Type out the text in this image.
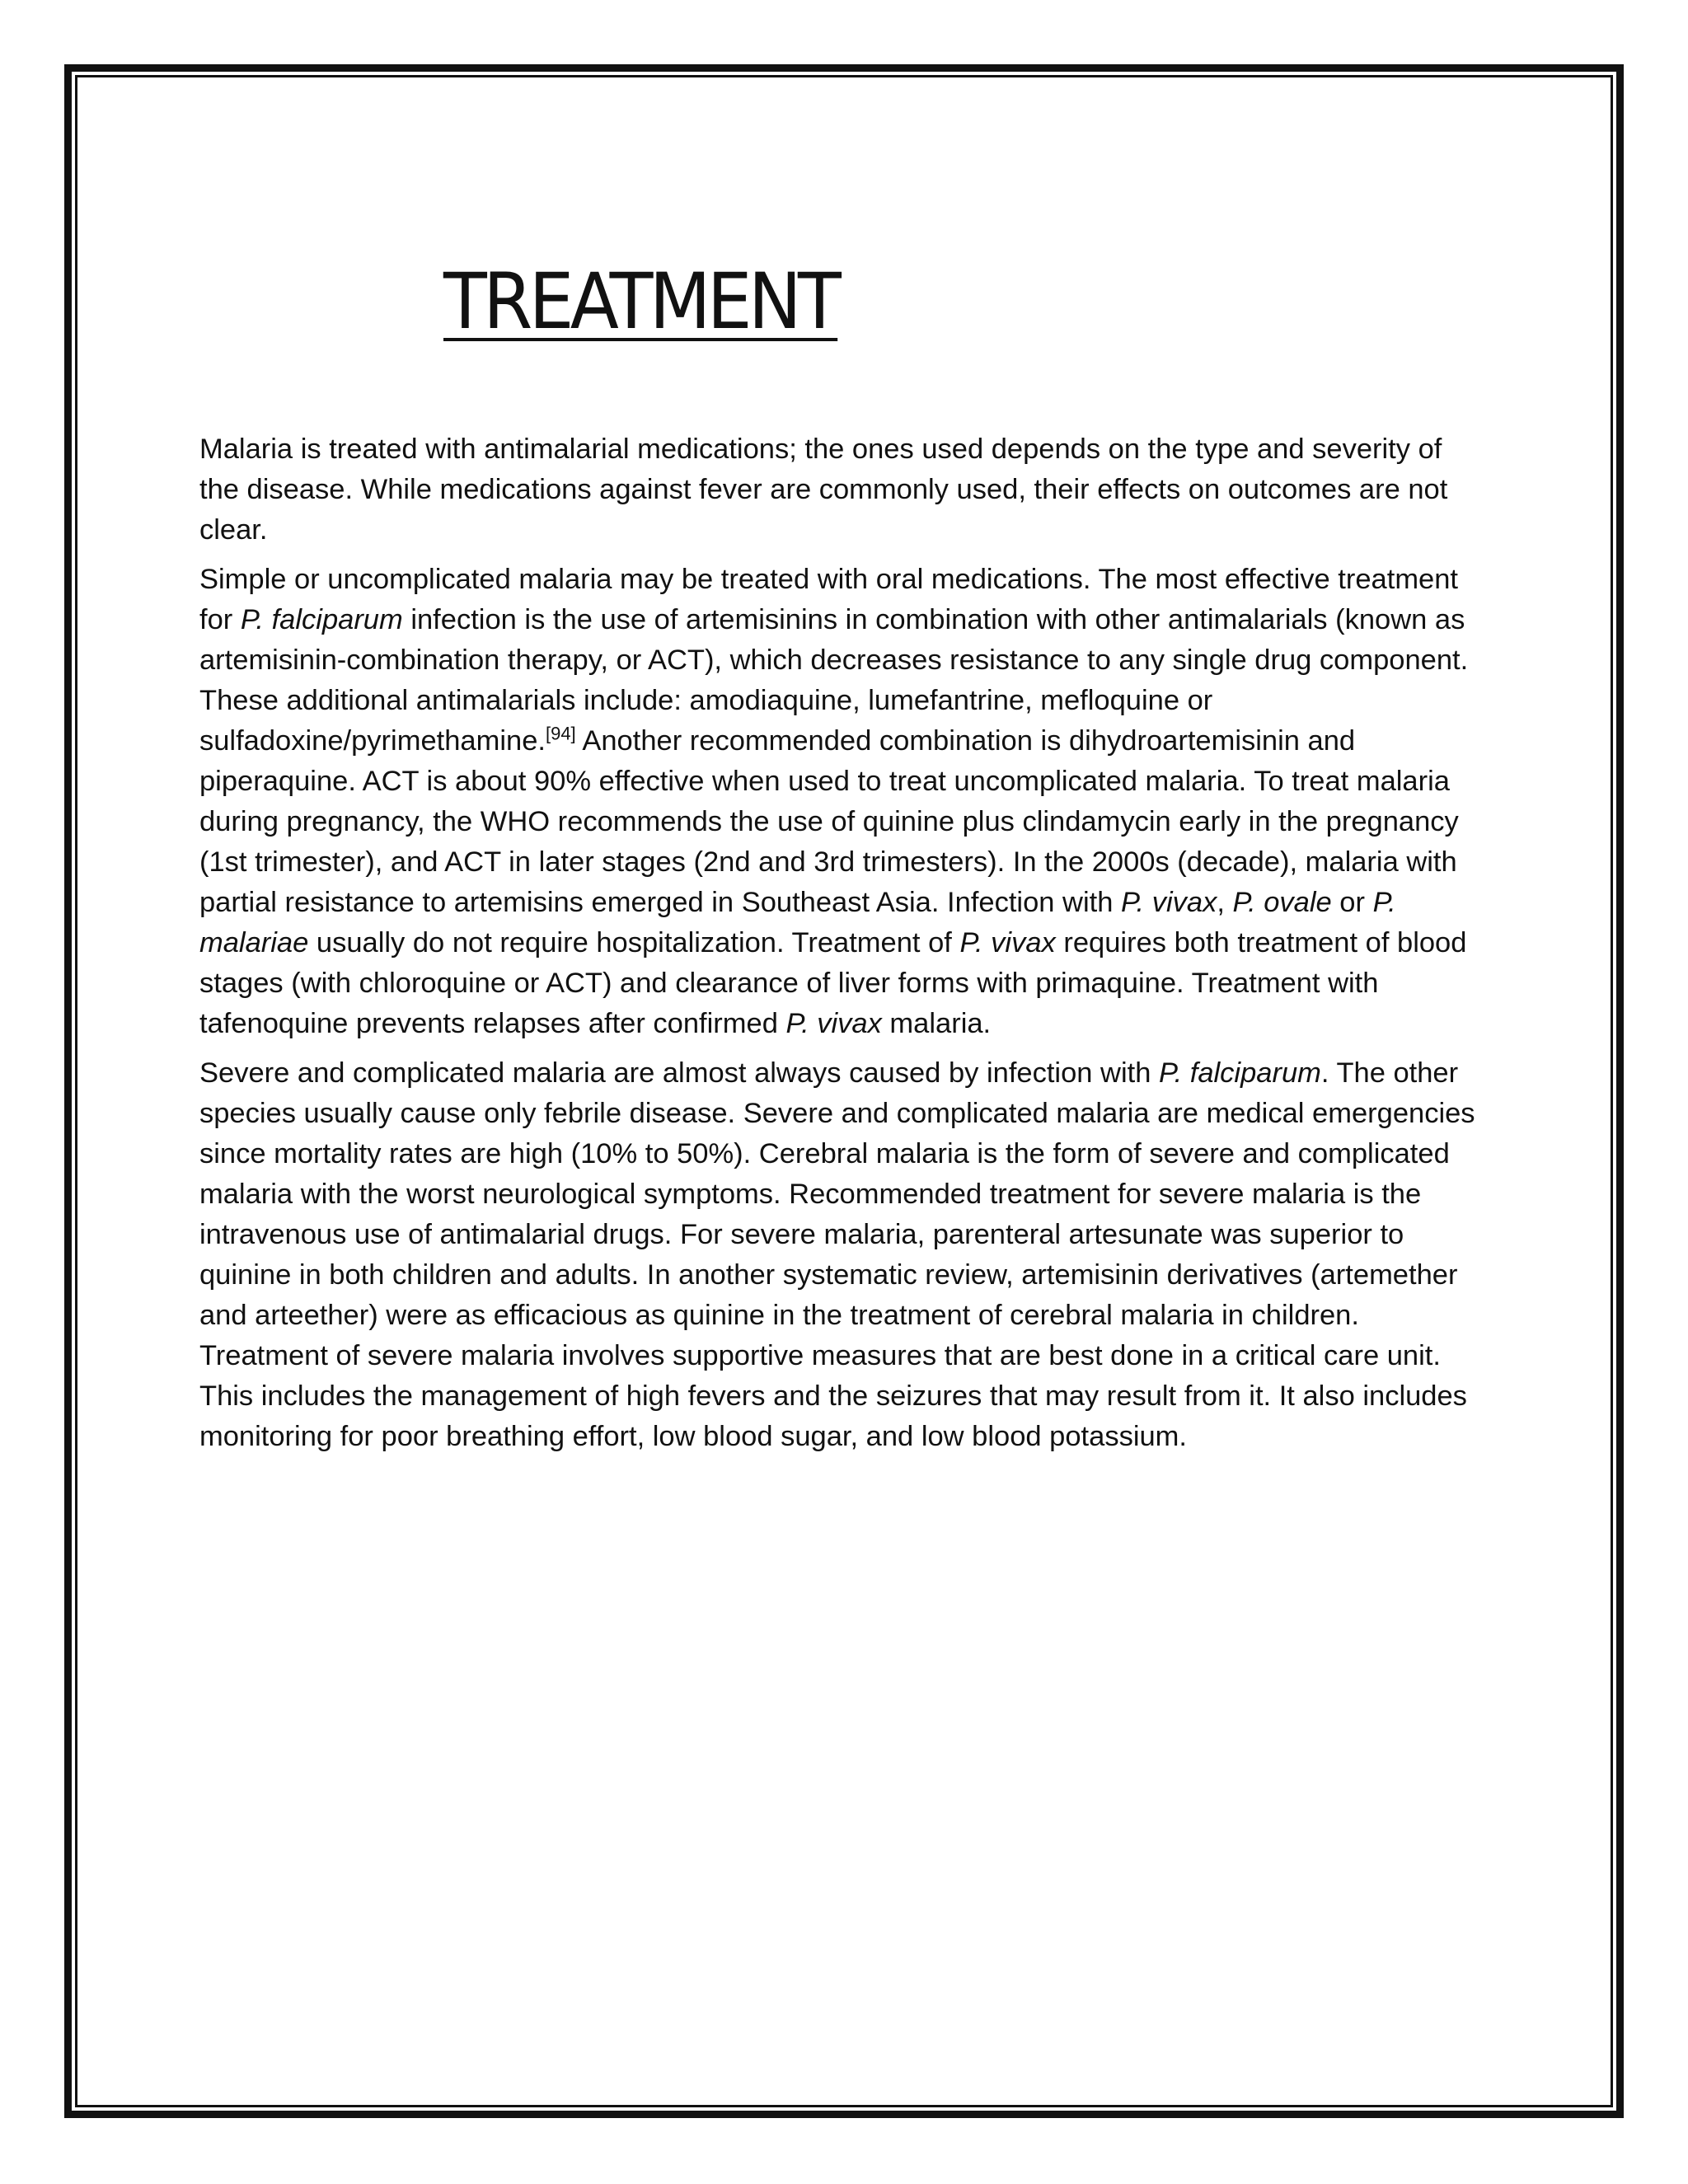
TREATMENT

Malaria is treated with antimalarial medications; the ones used depends on the type and severity of the disease. While medications against fever are commonly used, their effects on outcomes are not clear.

Simple or uncomplicated malaria may be treated with oral medications. The most effective treatment for P. falciparum infection is the use of artemisinins in combination with other antimalarials (known as artemisinin-combination therapy, or ACT), which decreases resistance to any single drug component. These additional antimalarials include: amodiaquine, lumefantrine, mefloquine or sulfadoxine/pyrimethamine.[94] Another recommended combination is dihydroartemisinin and piperaquine. ACT is about 90% effective when used to treat uncomplicated malaria. To treat malaria during pregnancy, the WHO recommends the use of quinine plus clindamycin early in the pregnancy (1st trimester), and ACT in later stages (2nd and 3rd trimesters). In the 2000s (decade), malaria with partial resistance to artemisins emerged in Southeast Asia. Infection with P. vivax, P. ovale or P. malariae usually do not require hospitalization. Treatment of P. vivax requires both treatment of blood stages (with chloroquine or ACT) and clearance of liver forms with primaquine. Treatment with tafenoquine prevents relapses after confirmed P. vivax malaria.

Severe and complicated malaria are almost always caused by infection with P. falciparum. The other species usually cause only febrile disease. Severe and complicated malaria are medical emergencies since mortality rates are high (10% to 50%). Cerebral malaria is the form of severe and complicated malaria with the worst neurological symptoms. Recommended treatment for severe malaria is the intravenous use of antimalarial drugs. For severe malaria, parenteral artesunate was superior to quinine in both children and adults. In another systematic review, artemisinin derivatives (artemether and arteether) were as efficacious as quinine in the treatment of cerebral malaria in children. Treatment of severe malaria involves supportive measures that are best done in a critical care unit. This includes the management of high fevers and the seizures that may result from it. It also includes monitoring for poor breathing effort, low blood sugar, and low blood potassium.
